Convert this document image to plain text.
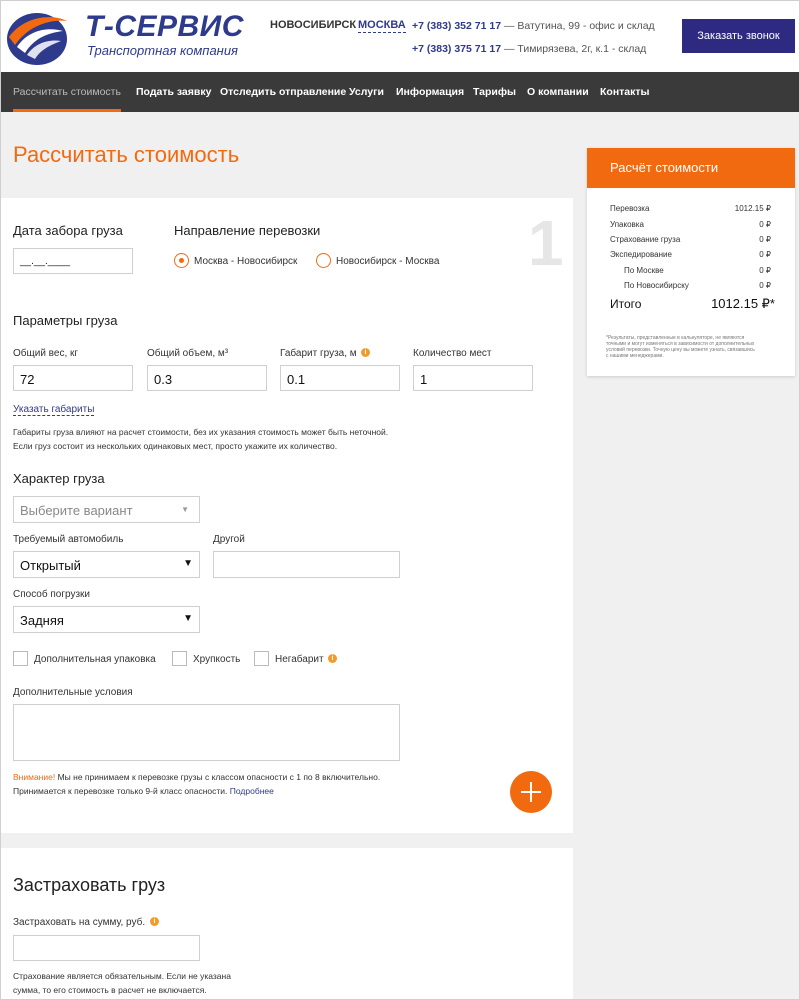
Т-СЕРВИС
Транспортная компания
НОВОСИБИРСК МОСКВА +7 (383) 352 71 17 — Ватутина, 99 - офис и склад
+7 (383) 375 71 17 — Тимирязева, 2г, к.1 - склад
Заказать звонок
Рассчитать стоимость Подать заявку Отследить отправление Услуги Информация Тарифы О компании Контакты
Рассчитать стоимость
1
Дата забора груза
__.__.____
Направление перевозки
Москва - Новосибирск	Новосибирск - Москва
Параметры груза
Общий вес, кг
72
Общий объем, м³
0.3
Габарит груза, м	i
0.1
Количество мест
1
Указать габариты
Габариты груза влияют на расчет стоимости, без их указания стоимость может быть неточной.
Если груз состоит из нескольких одинаковых мест, просто укажите их количество.
Характер груза
Выберите вариант	▼
Требуемый автомобиль
Открытый	▼
Другой
Способ погрузки
Задняя	▼
Дополнительная упаковка	Хрупкость	Негабарит	i
Дополнительные условия
Внимание! Мы не принимаем к перевозке грузы с классом опасности с 1 по 8 включительно.
Принимается к перевозке только 9-й класс опасности. Подробнее
Застраховать груз
Застраховать на сумму, руб.	i
Страхование является обязательным. Если не указана
сумма, то его стоимость в расчет не включается.
Расчёт стоимости
Перевозка	1012.15 ₽
Упаковка	0 ₽
Страхование груза	0 ₽
Экспедирование	0 ₽
По Москве	0 ₽
По Новосибирску	0 ₽
Итого	1012.15 ₽*
*Результаты, представленные в калькуляторе, не являются
точными и могут изменяться в зависимости от дополнительных
условий перевозки. Точную цену вы можете узнать, связавшись
с нашими менеджерами.
